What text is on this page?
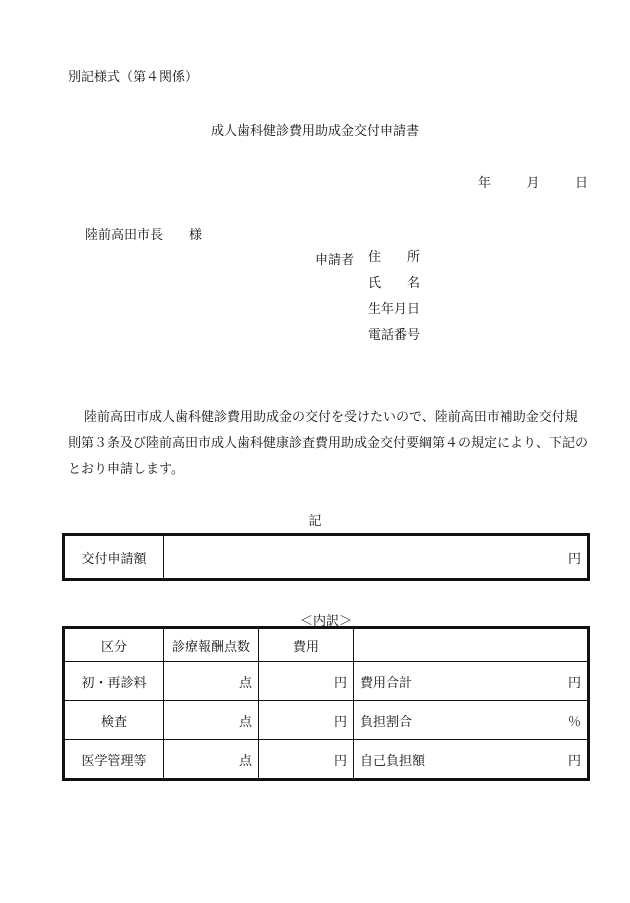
別記様式（第４関係）
成人歯科健診費用助成金交付申請書
年	月	日
陸前高田市長 様
申請者 住　所
氏　名
生年月日
電話番号
陸前高田市成人歯科健診費用助成金の交付を受けたいので、陸前高田市補助金交付規則第３条及び陸前高田市成人歯科健康診査費用助成金交付要綱第４の規定により、下記のとおり申請します。
記
交付申請額	円
＜内訳＞
区分	診療報酬点数	費用	
初・再診料	点	円	費用合計 円

検査	点	円	負担割合 ％

医学管理等	点	円	自己負担額 円
